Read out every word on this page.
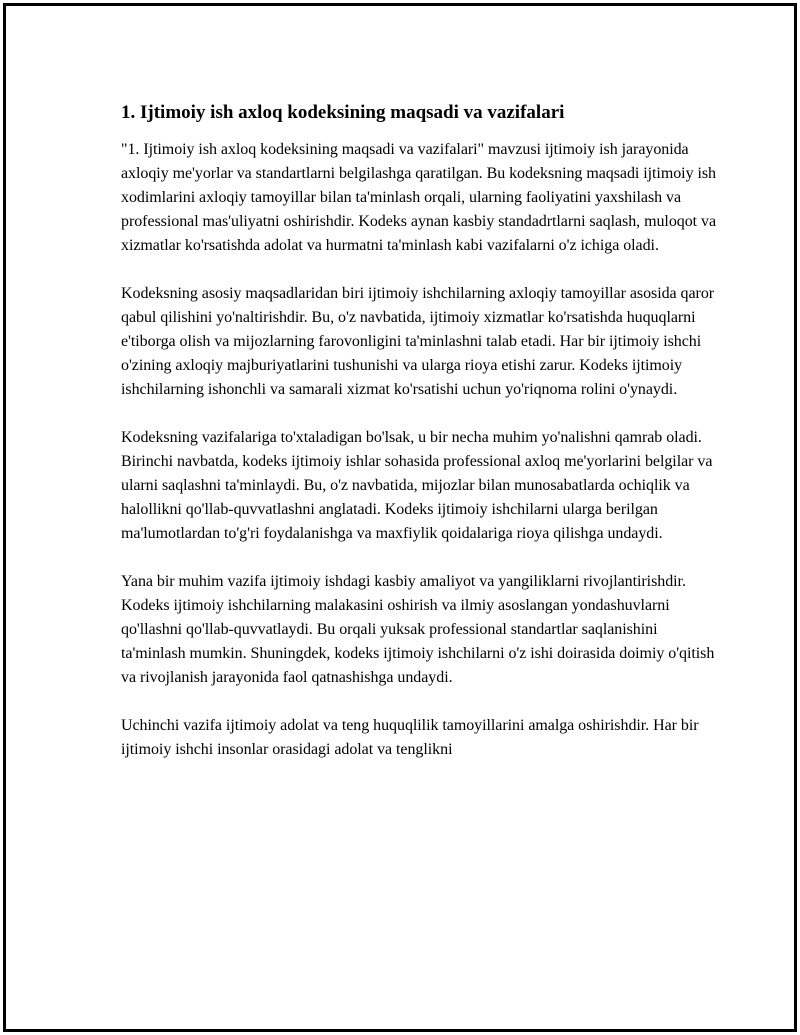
1. Ijtimoiy ish axloq kodeksining maqsadi va vazifalari

"1. Ijtimoiy ish axloq kodeksining maqsadi va vazifalari" mavzusi ijtimoiy ish jarayonida axloqiy me'yorlar va standartlarni belgilashga qaratilgan. Bu kodeksning maqsadi ijtimoiy ish xodimlarini axloqiy tamoyillar bilan ta'minlash orqali, ularning faoliyatini yaxshilash va professional mas'uliyatni oshirishdir. Kodeks aynan kasbiy standadrtlarni saqlash, muloqot va xizmatlar ko'rsatishda adolat va hurmatni ta'minlash kabi vazifalarni o'z ichiga oladi.

Kodeksning asosiy maqsadlaridan biri ijtimoiy ishchilarning axloqiy tamoyillar asosida qaror qabul qilishini yo'naltirishdir. Bu, o'z navbatida, ijtimoiy xizmatlar ko'rsatishda huquqlarni e'tiborga olish va mijozlarning farovonligini ta'minlashni talab etadi. Har bir ijtimoiy ishchi o'zining axloqiy majburiyatlarini tushunishi va ularga rioya etishi zarur. Kodeks ijtimoiy ishchilarning ishonchli va samarali xizmat ko'rsatishi uchun yo'riqnoma rolini o'ynaydi.

Kodeksning vazifalariga to'xtaladigan bo'lsak, u bir necha muhim yo'nalishni qamrab oladi. Birinchi navbatda, kodeks ijtimoiy ishlar sohasida professional axloq me'yorlarini belgilar va ularni saqlashni ta'minlaydi. Bu, o'z navbatida, mijozlar bilan munosabatlarda ochiqlik va halollikni qo'llab-quvvatlashni anglatadi. Kodeks ijtimoiy ishchilarni ularga berilgan ma'lumotlardan to'g'ri foydalanishga va maxfiylik qoidalariga rioya qilishga undaydi.

Yana bir muhim vazifa ijtimoiy ishdagi kasbiy amaliyot va yangiliklarni rivojlantirishdir. Kodeks ijtimoiy ishchilarning malakasini oshirish va ilmiy asoslangan yondashuvlarni qo'llashni qo'llab-quvvatlaydi. Bu orqali yuksak professional standartlar saqlanishini ta'minlash mumkin. Shuningdek, kodeks ijtimoiy ishchilarni o'z ishi doirasida doimiy o'qitish va rivojlanish jarayonida faol qatnashishga undaydi.

Uchinchi vazifa ijtimoiy adolat va teng huquqlilik tamoyillarini amalga oshirishdir. Har bir ijtimoiy ishchi insonlar orasidagi adolat va tenglikni
